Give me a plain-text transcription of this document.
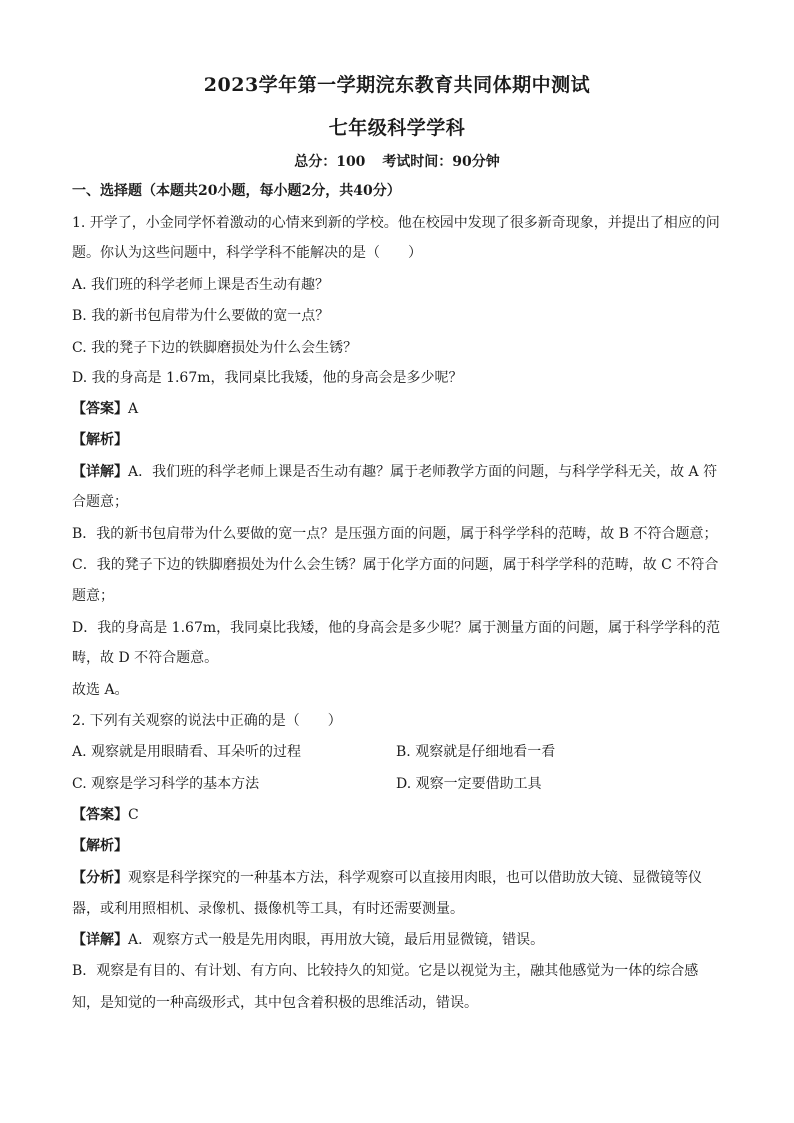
2023学年第一学期浣东教育共同体期中测试
七年级科学学科
总分：100 考试时间：90分钟
一、选择题（本题共20小题，每小题2分，共40分）
1. 开学了，小金同学怀着激动的心情来到新的学校。他在校园中发现了很多新奇现象，并提出了相应的问
题。你认为这些问题中，科学学科不能解决的是（　　）
A. 我们班的科学老师上课是否生动有趣？
B. 我的新书包肩带为什么要做的宽一点？
C. 我的凳子下边的铁脚磨损处为什么会生锈？
D. 我的身高是 1.67m，我同桌比我矮，他的身高会是多少呢？
【答案】A
【解析】
【详解】A．我们班的科学老师上课是否生动有趣？属于老师教学方面的问题，与科学学科无关，故 A 符
合题意；
B．我的新书包肩带为什么要做的宽一点？是压强方面的问题，属于科学学科的范畴，故 B 不符合题意；
C．我的凳子下边的铁脚磨损处为什么会生锈？属于化学方面的问题，属于科学学科的范畴，故 C 不符合
题意；
D．我的身高是 1.67m，我同桌比我矮，他的身高会是多少呢？属于测量方面的问题，属于科学学科的范
畴，故 D 不符合题意。
故选 A。
2. 下列有关观察的说法中正确的是（　　）
A. 观察就是用眼睛看、耳朵听的过程	B. 观察就是仔细地看一看
C. 观察是学习科学的基本方法	D. 观察一定要借助工具
【答案】C
【解析】
【分析】观察是科学探究的一种基本方法，科学观察可以直接用肉眼，也可以借助放大镜、显微镜等仪
器，或利用照相机、录像机、摄像机等工具，有时还需要测量。
【详解】A．观察方式一般是先用肉眼，再用放大镜，最后用显微镜，错误。
B．观察是有目的、有计划、有方向、比较持久的知觉。它是以视觉为主，融其他感觉为一体的综合感
知，是知觉的一种高级形式，其中包含着积极的思维活动，错误。
